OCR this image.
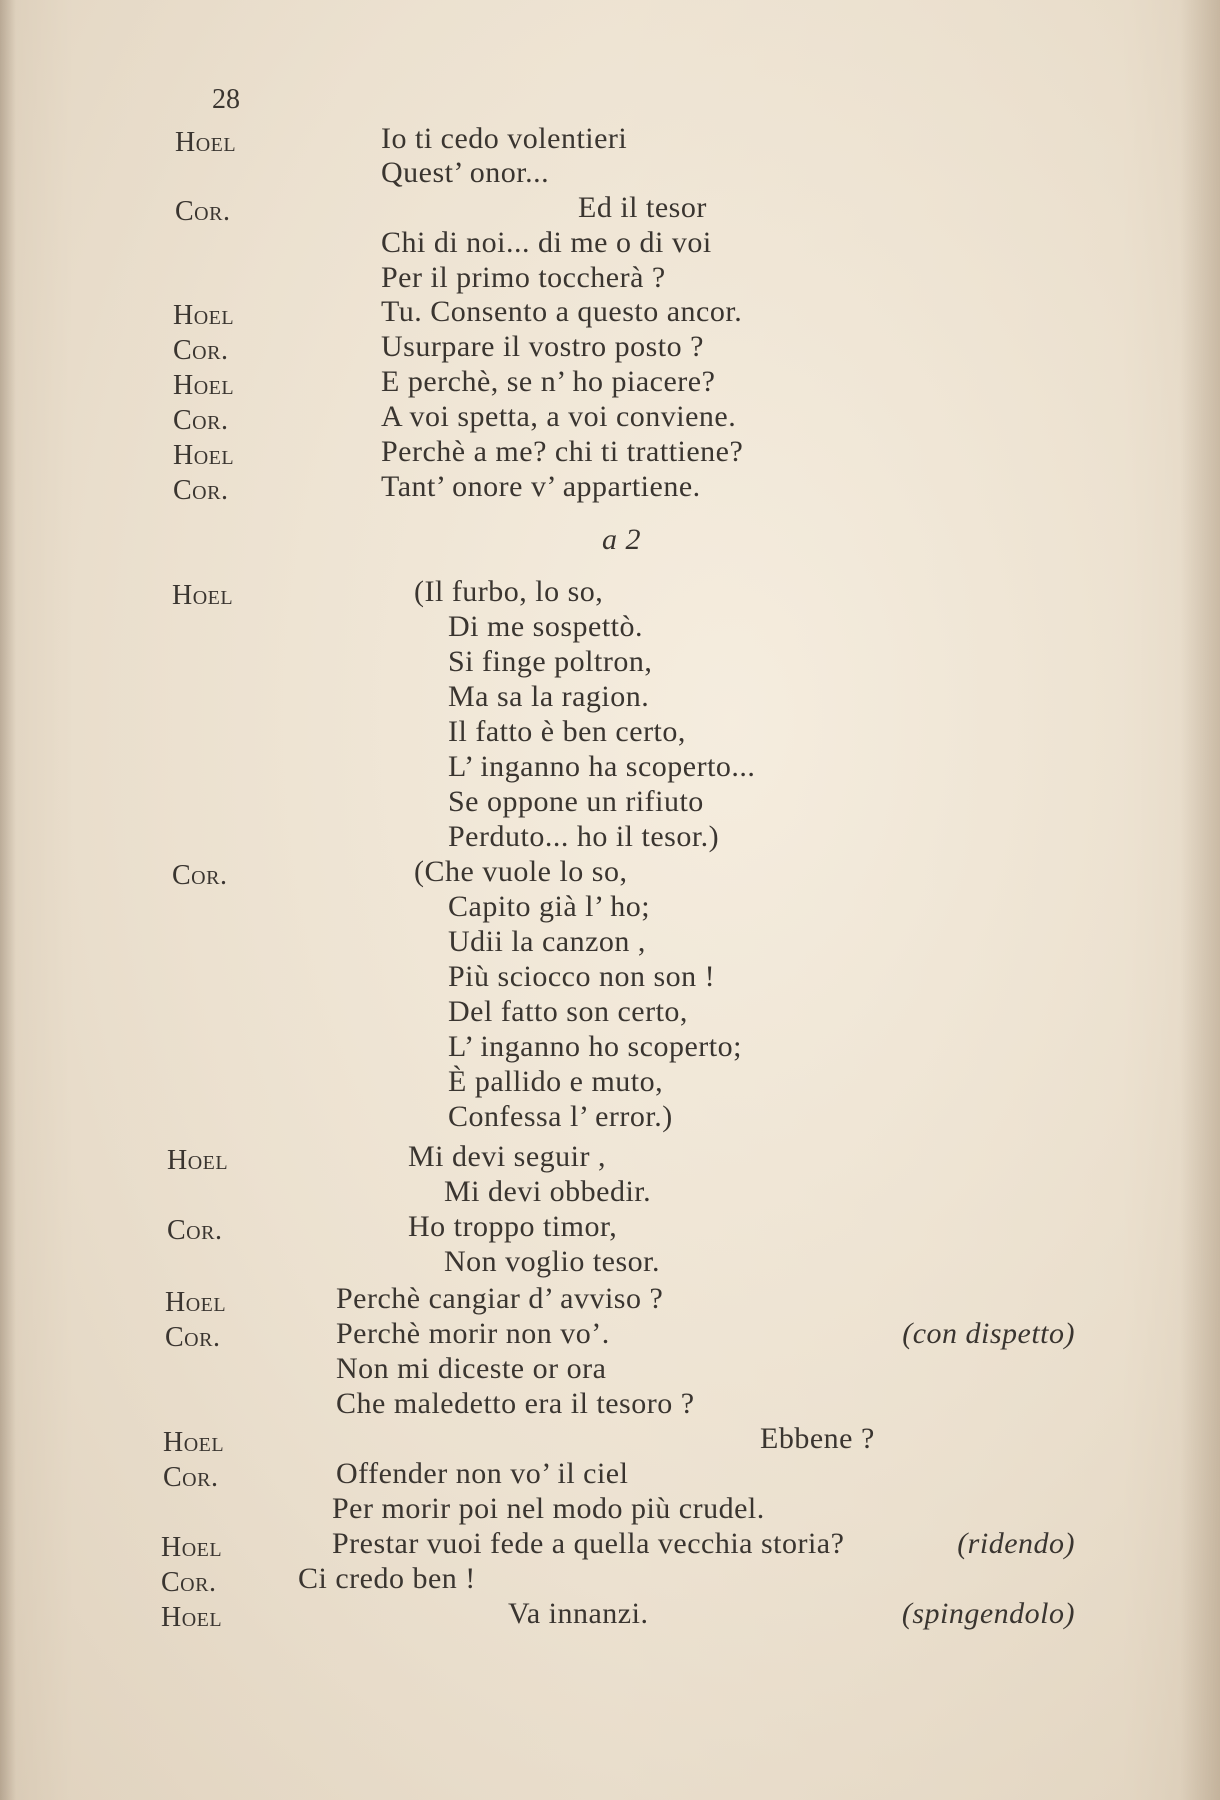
28
Hoel	Io ti cedo volentieri
Quest’ onor...
Cor.	Ed il tesor
Chi di noi... di me o di voi
Per il primo toccherà ?
Hoel	Tu. Consento a questo ancor.
Cor.	Usurpare il vostro posto ?
Hoel	E perchè, se n’ ho piacere?
Cor.	A voi spetta, a voi conviene.
Hoel	Perchè a me? chi ti trattiene?
Cor.	Tant’ onore v’ appartiene.
a 2
Hoel	(Il furbo, lo so,
Di me sospettò.
Si finge poltron,
Ma sa la ragion.
Il fatto è ben certo,
L’ inganno ha scoperto...
Se oppone un rifiuto
Perduto... ho il tesor.)
Cor.	(Che vuole lo so,
Capito già l’ ho;
Udii la canzon ,
Più sciocco non son !
Del fatto son certo,
L’ inganno ho scoperto;
È pallido e muto,
Confessa l’ error.)
Hoel	Mi devi seguir ,
Mi devi obbedir.
Cor.	Ho troppo timor,
Non voglio tesor.
Hoel	Perchè cangiar d’ avviso ?
Cor.	Perchè morir non vo’.	(con dispetto)
Non mi diceste or ora
Che maledetto era il tesoro ?
Hoel	Ebbene ?
Cor.	Offender non vo’ il ciel
Per morir poi nel modo più crudel.
Hoel	Prestar vuoi fede a quella vecchia storia?	(ridendo)
Cor.	Ci credo ben !
Hoel	Va innanzi.	(spingendolo)
